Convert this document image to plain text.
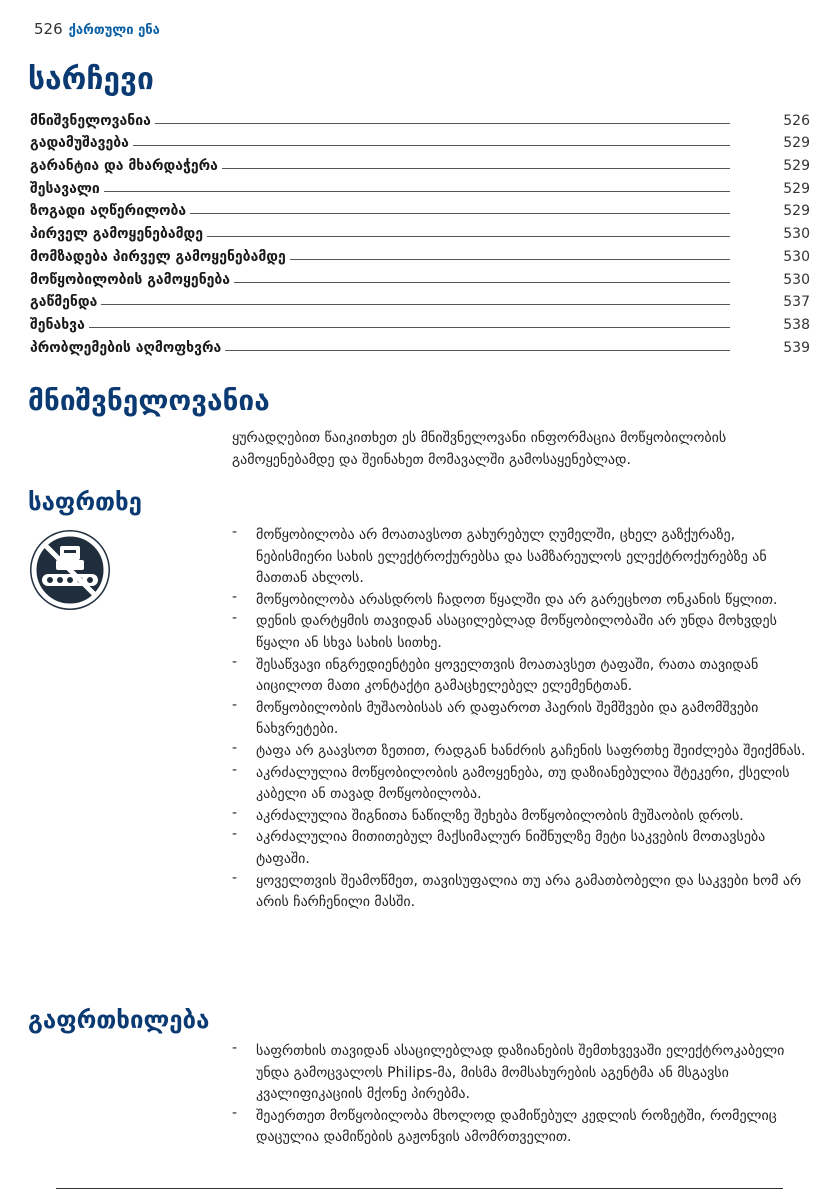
526 ქართული ენა
სარჩევი
მნიშვნელოვანია	526
გადამუშავება	529
გარანტია და მხარდაჭერა	529
შესავალი	529
ზოგადი აღწერილობა	529
პირველ გამოყენებამდე	530
მომზადება პირველ გამოყენებამდე	530
მოწყობილობის გამოყენება	530
გაწმენდა	537
შენახვა	538
პრობლემების აღმოფხვრა	539
მნიშვნელოვანია
ყურადღებით წაიკითხეთ ეს მნიშვნელოვანი ინფორმაცია მოწყობილობის გამოყენებამდე და შეინახეთ მომავალში გამოსაყენებლად.
საფრთხე
- მოწყობილობა არ მოათავსოთ გახურებულ ღუმელში, ცხელ გაზქურაზე, ნებისმიერი სახის ელექტროქურებსა და სამზარეულოს ელექტროქურებზე ან მათთან ახლოს.
- მოწყობილობა არასდროს ჩადოთ წყალში და არ გარეცხოთ ონკანის წყლით.
- დენის დარტყმის თავიდან ასაცილებლად მოწყობილობაში არ უნდა მოხვდეს წყალი ან სხვა სახის სითხე.
- შესაწვავი ინგრედიენტები ყოველთვის მოათავსეთ ტაფაში, რათა თავიდან აიცილოთ მათი კონტაქტი გამაცხელებელ ელემენტთან.
- მოწყობილობის მუშაობისას არ დაფაროთ ჰაერის შემშვები და გამომშვები ნახვრეტები.
- ტაფა არ გაავსოთ ზეთით, რადგან ხანძრის გაჩენის საფრთხე შეიძლება შეიქმნას.
- აკრძალულია მოწყობილობის გამოყენება, თუ დაზიანებულია შტეკერი, ქსელის კაბელი ან თავად მოწყობილობა.
- აკრძალულია შიგნითა ნაწილზე შეხება მოწყობილობის მუშაობის დროს.
- აკრძალულია მითითებულ მაქსიმალურ ნიშნულზე მეტი საკვების მოთავსება ტაფაში.
- ყოველთვის შეამოწმეთ, თავისუფალია თუ არა გამათბობელი და საკვები ხომ არ არის ჩარჩენილი მასში.
გაფრთხილება
- საფრთხის თავიდან ასაცილებლად დაზიანების შემთხვევაში ელექტროკაბელი უნდა გამოცვალოს Philips-მა, მისმა მომსახურების აგენტმა ან მსგავსი კვალიფიკაციის მქონე პირებმა.
- შეაერთეთ მოწყობილობა მხოლოდ დამიწებულ კედლის როზეტში, რომელიც დაცულია დამიწების გაჟონვის ამომრთველით.
